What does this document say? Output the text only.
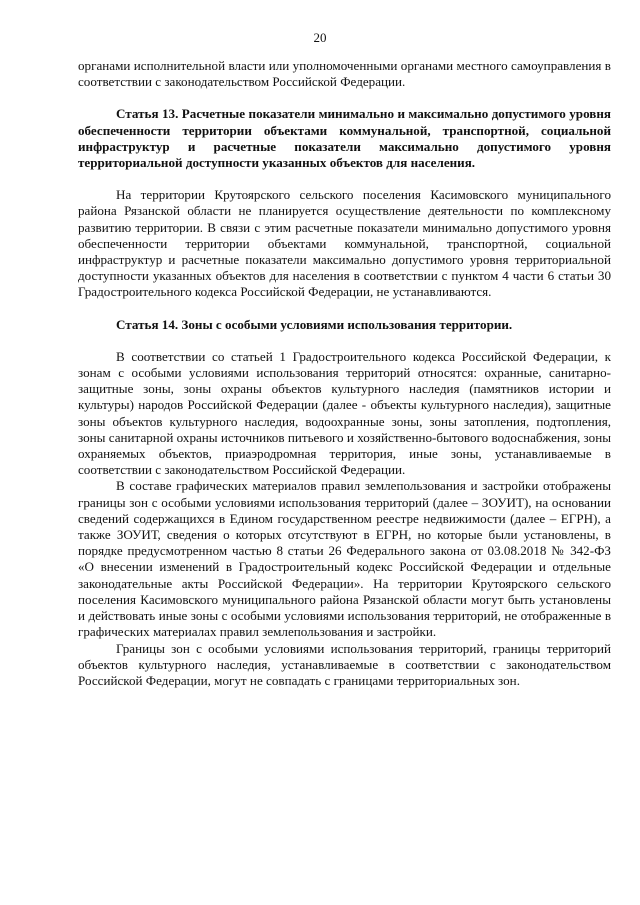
20

органами исполнительной власти или уполномоченными органами местного самоуправления в соответствии с законодательством Российской Федерации.

Статья 13. Расчетные показатели минимально и максимально допустимого уровня обеспеченности территории объектами коммунальной, транспортной, социальной инфраструктур и расчетные показатели максимально допустимого уровня территориальной доступности указанных объектов для населения.

На территории Крутоярского сельского поселения Касимовского муниципального района Рязанской области не планируется осуществление деятельности по комплексному развитию территории. В связи с этим расчетные показатели минимально допустимого уровня обеспеченности территории объектами коммунальной, транспортной, социальной инфраструктур и расчетные показатели максимально допустимого уровня территориальной доступности указанных объектов для населения в соответствии с пунктом 4 части 6 статьи 30 Градостроительного кодекса Российской Федерации, не устанавливаются.

Статья 14. Зоны с особыми условиями использования территории.

В соответствии со статьей 1 Градостроительного кодекса Российской Федерации, к зонам с особыми условиями использования территорий относятся: охранные, санитарно-защитные зоны, зоны охраны объектов культурного наследия (памятников истории и культуры) народов Российской Федерации (далее - объекты культурного наследия), защитные зоны объектов культурного наследия, водоохранные зоны, зоны затопления, подтопления, зоны санитарной охраны источников питьевого и хозяйственно-бытового водоснабжения, зоны охраняемых объектов, приаэродромная территория, иные зоны, устанавливаемые в соответствии с законодательством Российской Федерации.

В составе графических материалов правил землепользования и застройки отображены границы зон с особыми условиями использования территорий (далее – ЗОУИТ), на основании сведений содержащихся в Едином государственном реестре недвижимости (далее – ЕГРН), а также ЗОУИТ, сведения о которых отсутствуют в ЕГРН, но которые были установлены, в порядке предусмотренном частью 8 статьи 26 Федерального закона от 03.08.2018 № 342-ФЗ «О внесении изменений в Градостроительный кодекс Российской Федерации и отдельные законодательные акты Российской Федерации». На территории Крутоярского сельского поселения Касимовского муниципального района Рязанской области могут быть установлены и действовать иные зоны с особыми условиями использования территорий, не отображенные в графических материалах правил землепользования и застройки.

Границы зон с особыми условиями использования территорий, границы территорий объектов культурного наследия, устанавливаемые в соответствии с законодательством Российской Федерации, могут не совпадать с границами территориальных зон.
